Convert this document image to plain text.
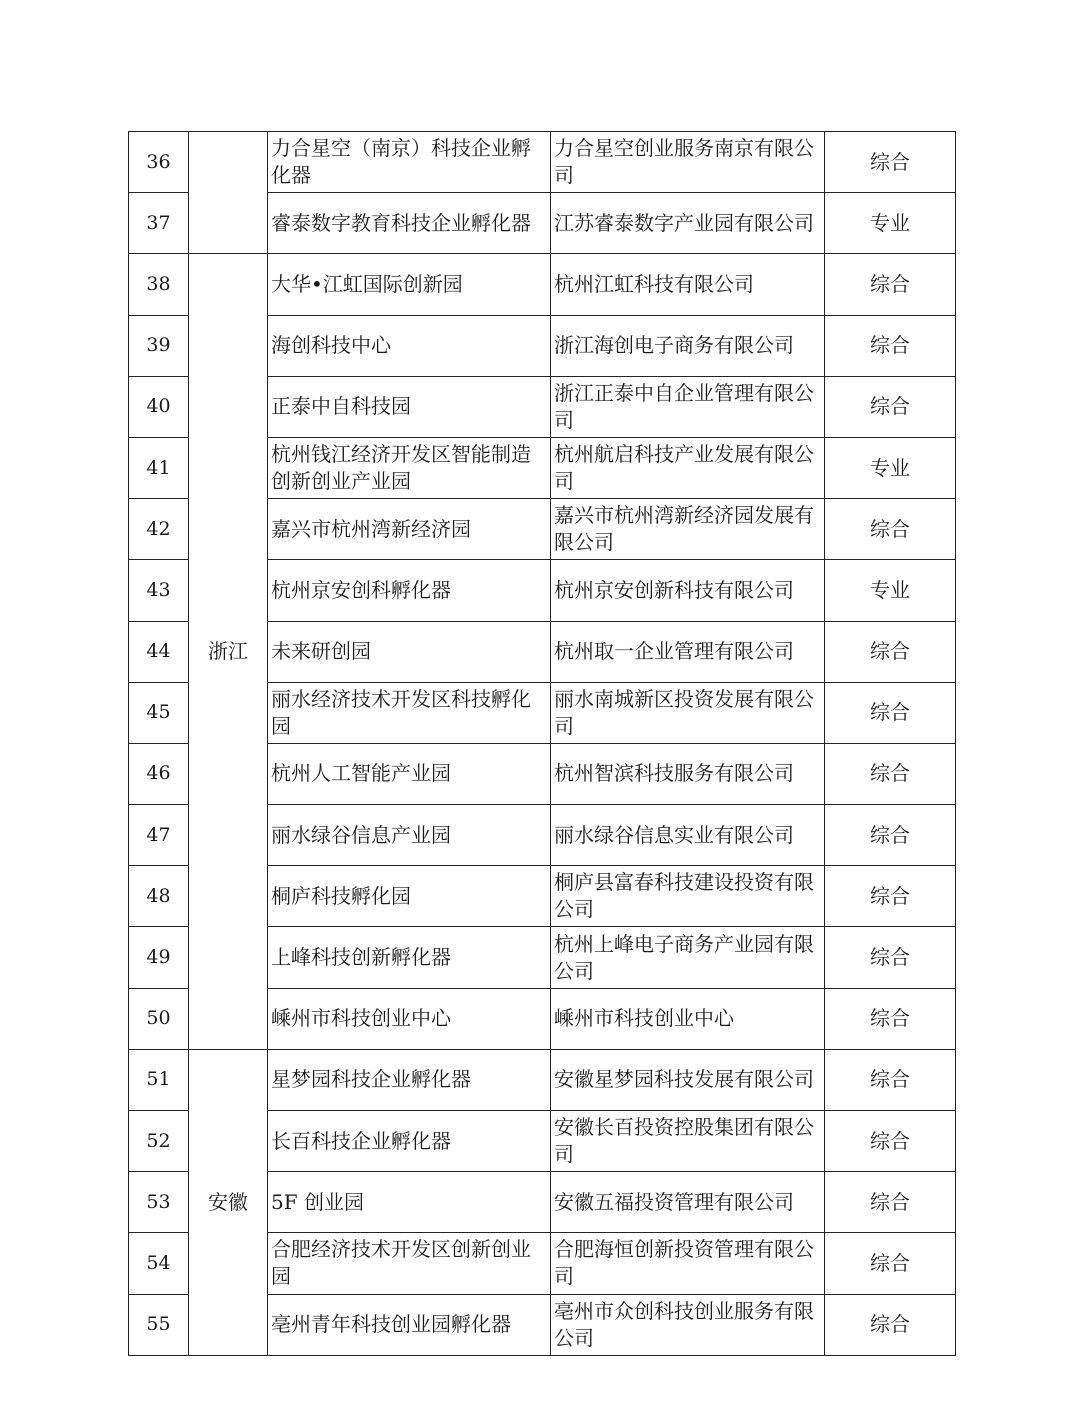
36		力合星空（南京）科技企业孵化器	力合星空创业服务南京有限公司	综合
37		睿泰数字教育科技企业孵化器	江苏睿泰数字产业园有限公司	专业
38	浙江	大华•江虹国际创新园	杭州江虹科技有限公司	综合
39		海创科技中心	浙江海创电子商务有限公司	综合
40		正泰中自科技园	浙江正泰中自企业管理有限公司	综合
41		杭州钱江经济开发区智能制造创新创业产业园	杭州航启科技产业发展有限公司	专业
42		嘉兴市杭州湾新经济园	嘉兴市杭州湾新经济园发展有限公司	综合
43		杭州京安创科孵化器	杭州京安创新科技有限公司	专业
44		未来研创园	杭州取一企业管理有限公司	综合
45		丽水经济技术开发区科技孵化园	丽水南城新区投资发展有限公司	综合
46		杭州人工智能产业园	杭州智滨科技服务有限公司	综合
47		丽水绿谷信息产业园	丽水绿谷信息实业有限公司	综合
48		桐庐科技孵化园	桐庐县富春科技建设投资有限公司	综合
49		上峰科技创新孵化器	杭州上峰电子商务产业园有限公司	综合
50		嵊州市科技创业中心	嵊州市科技创业中心	综合
51	安徽	星梦园科技企业孵化器	安徽星梦园科技发展有限公司	综合
52		长百科技企业孵化器	安徽长百投资控股集团有限公司	综合
53		5F 创业园	安徽五福投资管理有限公司	综合
54		合肥经济技术开发区创新创业园	合肥海恒创新投资管理有限公司	综合
55		亳州青年科技创业园孵化器	亳州市众创科技创业服务有限公司	综合
